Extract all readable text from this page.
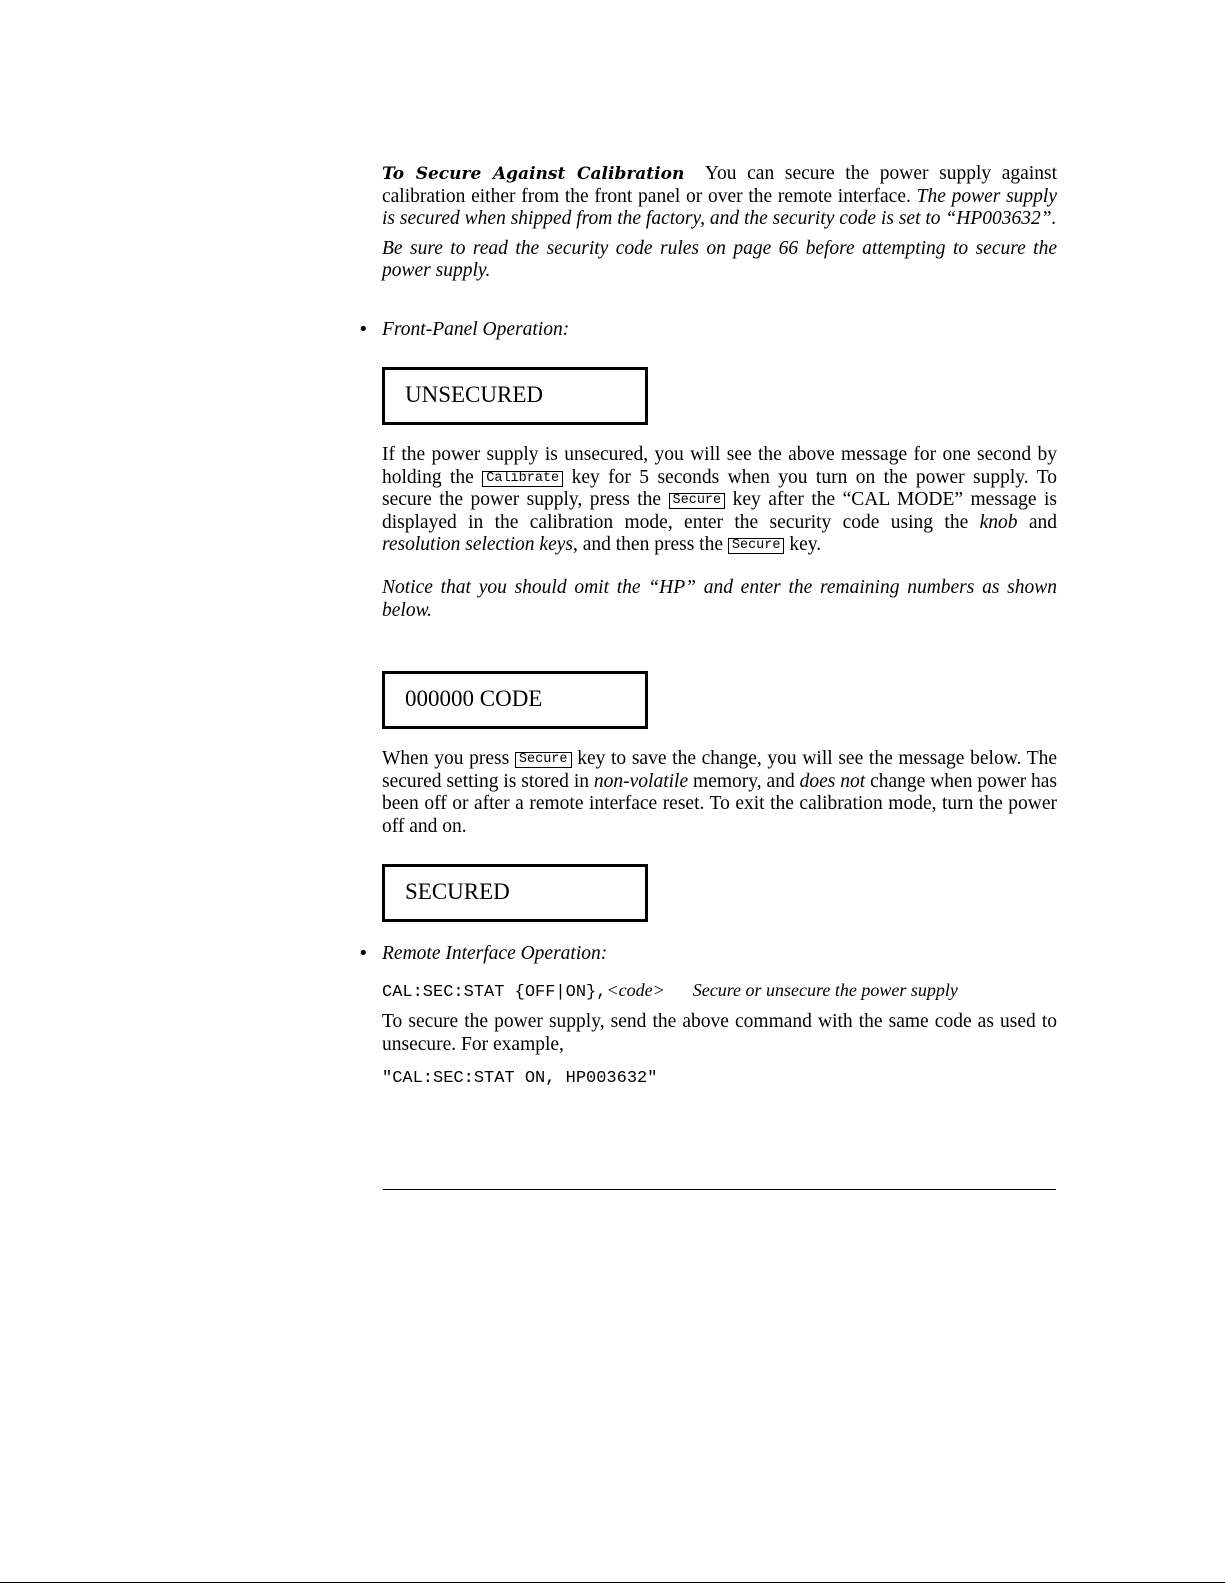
To Secure Against Calibration You can secure the power supply against calibration either from the front panel or over the remote interface. The power supply is secured when shipped from the factory, and the security code is set to “HP003632”.

Be sure to read the security code rules on page 66 before attempting to secure the power supply.

• Front-Panel Operation:
UNSECURED

If the power supply is unsecured, you will see the above message for one second by holding the Calibrate key for 5 seconds when you turn on the power supply. To secure the power supply, press the Secure key after the “CAL MODE” message is displayed in the calibration mode, enter the security code using the knob and resolution selection keys, and then press the Secure key.

Notice that you should omit the “HP” and enter the remaining numbers as shown below.

000000 CODE

When you press Secure key to save the change, you will see the message below. The secured setting is stored in non-volatile memory, and does not change when power has been off or after a remote interface reset. To exit the calibration mode, turn the power off and on.

SECURED
• Remote Interface Operation:
CAL:SEC:STAT {OFF|ON},<code> Secure or unsecure the power supply

To secure the power supply, send the above command with the same code as used to unsecure. For example,

"CAL:SEC:STAT ON, HP003632"
